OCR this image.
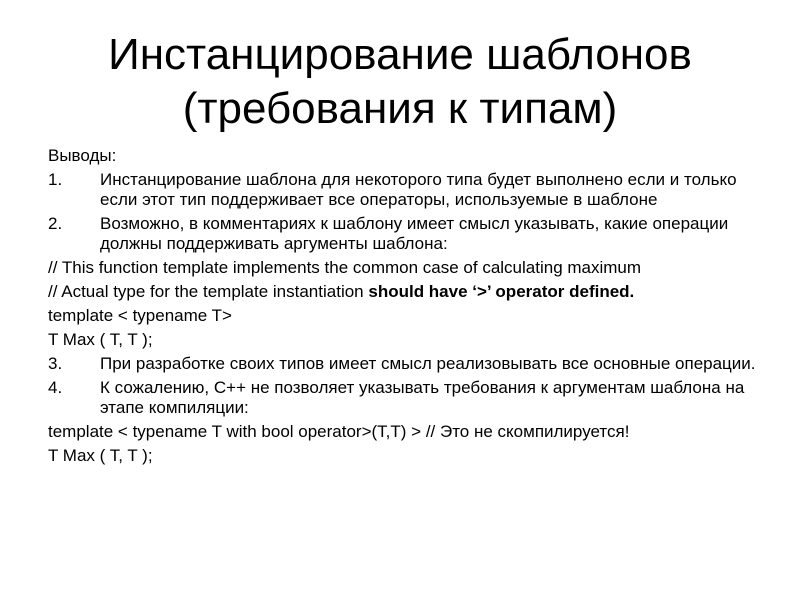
Инстанцирование шаблонов
(требования к типам)
Выводы:
1.	Инстанцирование шаблона для некоторого типа будет выполнено если и только если этот тип поддерживает все операторы, используемые в шаблоне
2.	Возможно, в комментариях к шаблону имеет смысл указывать, какие операции должны поддерживать аргументы шаблона:
// This function template implements the common case of calculating maximum
// Actual type for the template instantiation should have ‘>’ operator defined.
template < typename T>
T Max ( T, T );
3.	При разработке своих типов имеет смысл реализовывать все основные операции.
4.	К сожалению, C++ не позволяет указывать требования к аргументам шаблона на этапе компиляции:
template < typename T with bool operator>(T,T) > // Это не скомпилируется!
T Max ( T, T );
